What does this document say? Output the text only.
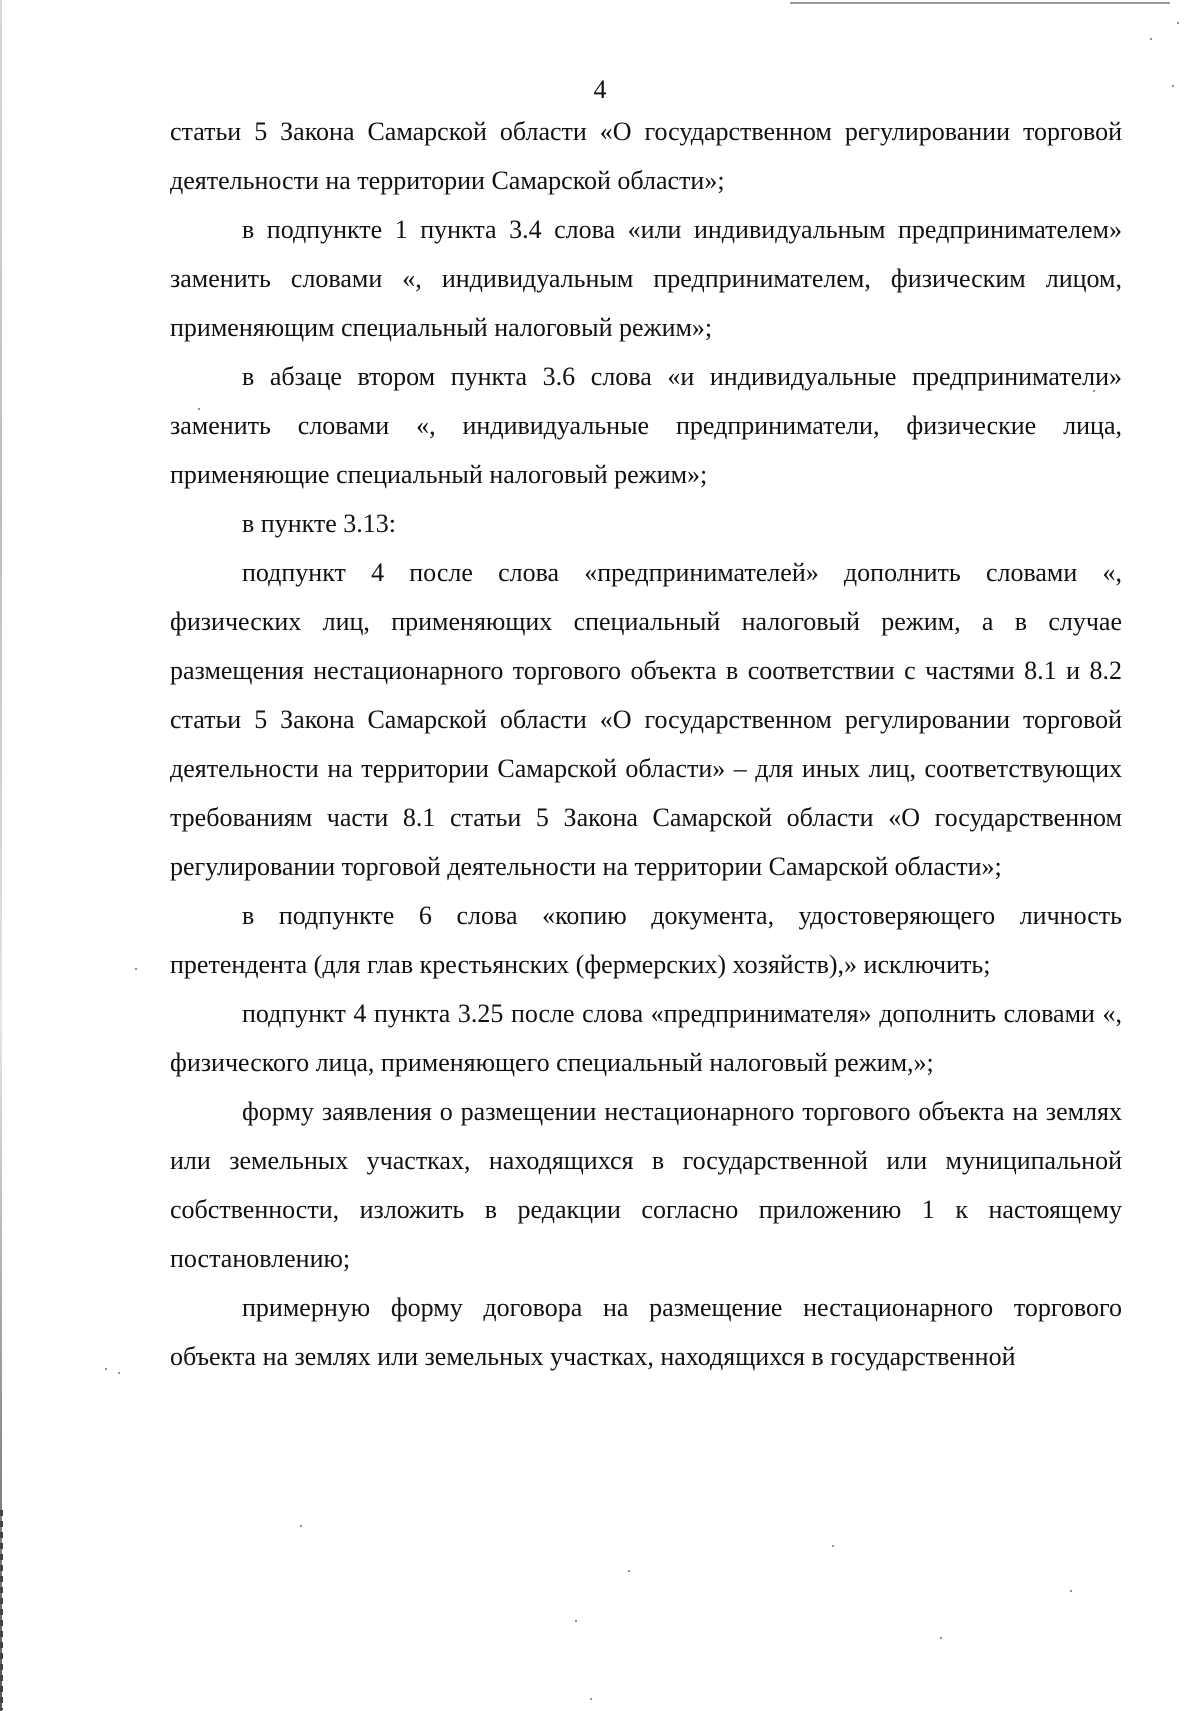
4

статьи 5 Закона Самарской области «О государственном регулировании торговой деятельности на территории Самарской области»;

в подпункте 1 пункта 3.4 слова «или индивидуальным предпринимателем» заменить словами «, индивидуальным предпринимателем, физическим лицом, применяющим специальный налоговый режим»;

в абзаце втором пункта 3.6 слова «и индивидуальные предприниматели» заменить словами «, индивидуальные предприниматели, физические лица, применяющие специальный налоговый режим»;

в пункте 3.13:

подпункт 4 после слова «предпринимателей» дополнить словами «, физических лиц, применяющих специальный налоговый режим, а в случае размещения нестационарного торгового объекта в соответствии с частями 8.1 и 8.2 статьи 5 Закона Самарской области «О государственном регулировании торговой деятельности на территории Самарской области» – для иных лиц, соответствующих требованиям части 8.1 статьи 5 Закона Самарской области «О государственном регулировании торговой деятельности на территории Самарской области»;

в подпункте 6 слова «копию документа, удостоверяющего личность претендента (для глав крестьянских (фермерских) хозяйств),» исключить;

подпункт 4 пункта 3.25 после слова «предпринимателя» дополнить словами «, физического лица, применяющего специальный налоговый режим,»;

форму заявления о размещении нестационарного торгового объекта на землях или земельных участках, находящихся в государственной или муниципальной собственности, изложить в редакции согласно приложению 1 к настоящему постановлению;

примерную форму договора на размещение нестационарного торгового объекта на землях или земельных участках, находящихся в государственной
